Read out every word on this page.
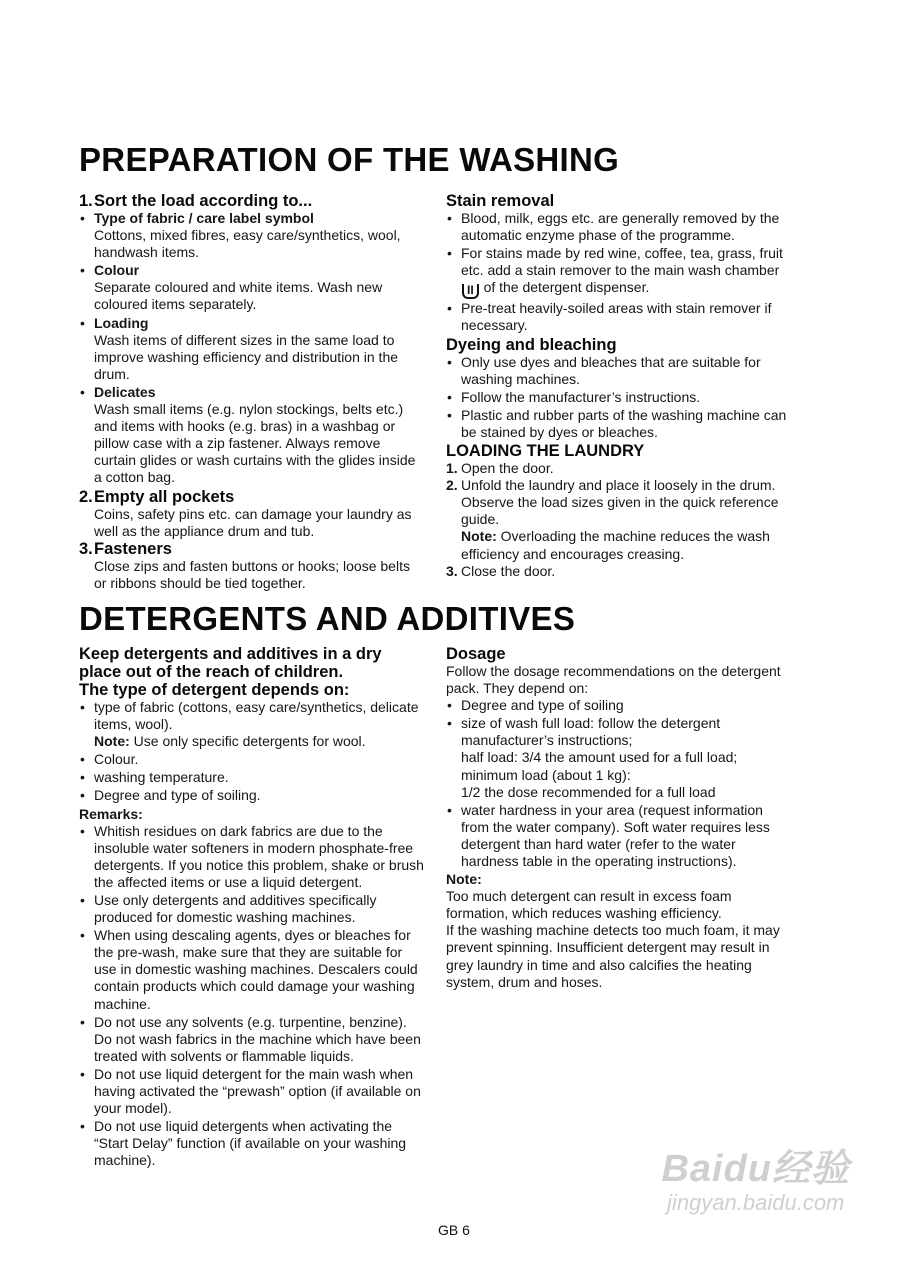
PREPARATION OF THE WASHING
1. Sort the load according to...
• Type of fabric / care label symbol
Cottons, mixed fibres, easy care/synthetics, wool, handwash items.
• Colour
Separate coloured and white items. Wash new coloured items separately.
• Loading
Wash items of different sizes in the same load to improve washing efficiency and distribution in the drum.
• Delicates
Wash small items (e.g. nylon stockings, belts etc.) and items with hooks (e.g. bras) in a washbag or pillow case with a zip fastener. Always remove curtain glides or wash curtains with the glides inside a cotton bag.
2. Empty all pockets

Coins, safety pins etc. can damage your laundry as well as the appliance drum and tub.

3. Fasteners

Close zips and fasten buttons or hooks; loose belts or ribbons should be tied together.

Stain removal
• Blood, milk, eggs etc. are generally removed by the automatic enzyme phase of the programme.
• For stains made by red wine, coffee, tea, grass, fruit etc. add a stain remover to the main wash chamber II of the detergent dispenser.
• Pre-treat heavily-soiled areas with stain remover if necessary.
Dyeing and bleaching
• Only use dyes and bleaches that are suitable for washing machines.
• Follow the manufacturer’s instructions.
• Plastic and rubber parts of the washing machine can be stained by dyes or bleaches.
LOADING THE LAUNDRY
1. Open the door.
2. Unfold the laundry and place it loosely in the drum. Observe the load sizes given in the quick reference guide.
Note: Overloading the machine reduces the wash efficiency and encourages creasing.
3. Close the door.
DETERGENTS AND ADDITIVES
Keep detergents and additives in a dry place out of the reach of children.
The type of detergent depends on:
• type of fabric (cottons, easy care/synthetics, delicate items, wool).
Note: Use only specific detergents for wool.
• Colour.
• washing temperature.
• Degree and type of soiling.
Remarks:
• Whitish residues on dark fabrics are due to the insoluble water softeners in modern phosphate-free detergents. If you notice this problem, shake or brush the affected items or use a liquid detergent.
• Use only detergents and additives specifically produced for domestic washing machines.
• When using descaling agents, dyes or bleaches for the pre-wash, make sure that they are suitable for use in domestic washing machines. Descalers could contain products which could damage your washing machine.
• Do not use any solvents (e.g. turpentine, benzine). Do not wash fabrics in the machine which have been treated with solvents or flammable liquids.
• Do not use liquid detergent for the main wash when having activated the “prewash” option (if available on your model).
• Do not use liquid detergents when activating the “Start Delay” function (if available on your washing machine).
Dosage

Follow the dosage recommendations on the detergent pack. They depend on:

• Degree and type of soiling
• size of wash full load: follow the detergent manufacturer’s instructions;
half load: 3/4 the amount used for a full load;
minimum load (about 1 kg):
1/2 the dose recommended for a full load
• water hardness in your area (request information from the water company). Soft water requires less detergent than hard water (refer to the water hardness table in the operating instructions).
Note:

Too much detergent can result in excess foam formation, which reduces washing efficiency.

If the washing machine detects too much foam, it may prevent spinning. Insufficient detergent may result in grey laundry in time and also calcifies the heating system, drum and hoses.

Baidu经验
jingyan.baidu.com
GB 6
